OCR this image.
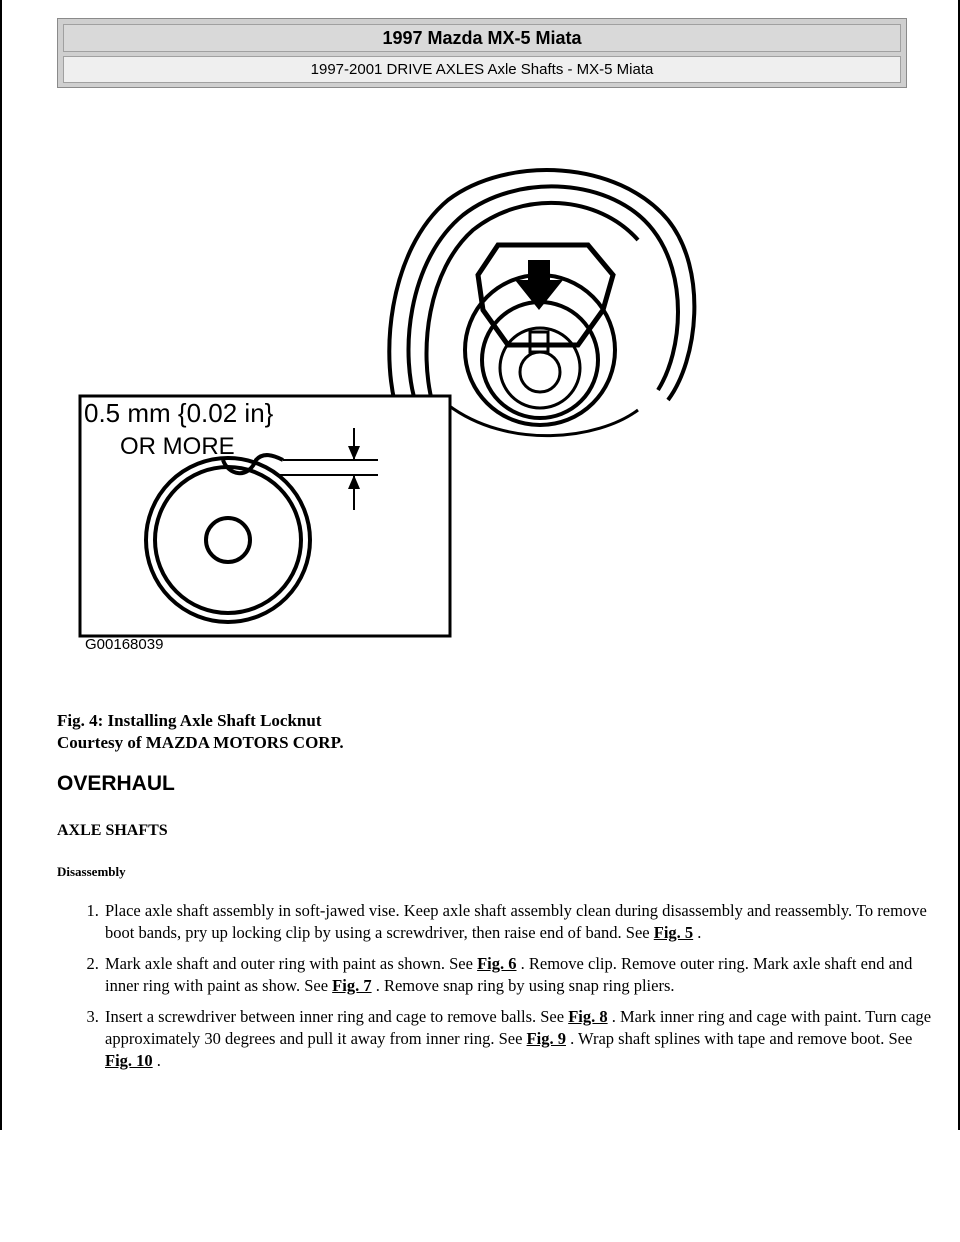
1997 Mazda MX-5 Miata
1997-2001 DRIVE AXLES Axle Shafts - MX-5 Miata
0.5 mm {0.02 in}
OR MORE
G00168039
Fig. 4: Installing Axle Shaft Locknut
Courtesy of MAZDA MOTORS CORP.
OVERHAUL
AXLE SHAFTS
Disassembly
1. Place axle shaft assembly in soft-jawed vise. Keep axle shaft assembly clean during disassembly and reassembly. To remove boot bands, pry up locking clip by using a screwdriver, then raise end of band. See Fig. 5 .
2. Mark axle shaft and outer ring with paint as shown. See Fig. 6 . Remove clip. Remove outer ring. Mark axle shaft end and inner ring with paint as show. See Fig. 7 . Remove snap ring by using snap ring pliers.
3. Insert a screwdriver between inner ring and cage to remove balls. See Fig. 8 . Mark inner ring and cage with paint. Turn cage approximately 30 degrees and pull it away from inner ring. See Fig. 9 . Wrap shaft splines with tape and remove boot. See Fig. 10 .
